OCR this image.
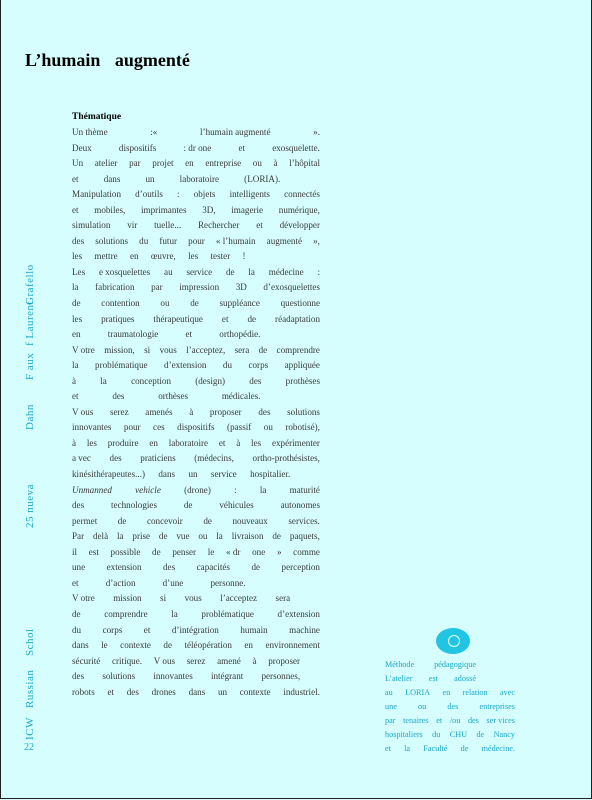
L’humain augmenté
ICW
Russian
Schol
25 nueva
Dahn
F aux
f Laurent
Grafello
22
Thématique
Un thème	:«	l’humain augmenté	».
Deux	dispositifs	: dr one	et	exosquelette.
Un atelier par projet en entreprise ou à l’hôpital
et	dans	un	laboratoire	(LORIA).
Manipulation d’outils : objets intelligents connectés
et mobiles, imprimantes 3D, imagerie numérique,
simulation vir tuelle... Rechercher et développer
des solutions du futur pour « l’humain augmenté »,
les mettre en œuvre, les tester !
Les e xosquelettes au service de la médecine :
la fabrication par impression 3D d’exosquelettes
de contention ou de suppléance questionne
les pratiques thérapeutique et de réadaptation
en	traumatologie	et	orthopédie.
V otre mission, si vous l’acceptez, sera de comprendre
la problématique d’extension du corps appliquée
à	la	conception	(design)	des	prothèses
et	des	orthèses	médicales.
V ous serez amenés à proposer des solutions
innovantes pour ces dispositifs (passif ou robotisé),
à les produire en laboratoire et à les expérimenter
a vec des praticiens (médecins, ortho-prothésistes,
kinésithérapeutes...) dans un service hospitalier.
Unmanned	vehicle	(drone)	:	la	maturité
des	technologies	de	véhicules	autonomes
permet de concevoir de nouveaux services.
Par delà la prise de vue ou la livraison de paquets,
il est possible de penser le « dr one » comme
une extension des capacités de perception
et	d’action	d’une	personne.
V otre mission si vous l’acceptez sera
de	comprendre	la	problématique	d’extension
du corps et d’intégration humain machine
dans le contexte de téléopération en environnement
sécurité critique. V ous serez amené à proposer
des solutions innovantes intégrant personnes,
robots et des drones dans un contexte industriel.
Méthode pédagogique
L’atelier est adossé
au LORIA en relation avec
une	ou	des	entreprises
par tenaires et /ou des ser vices
hospitaliers du CHU de Nancy
et la Faculté de médecine.
